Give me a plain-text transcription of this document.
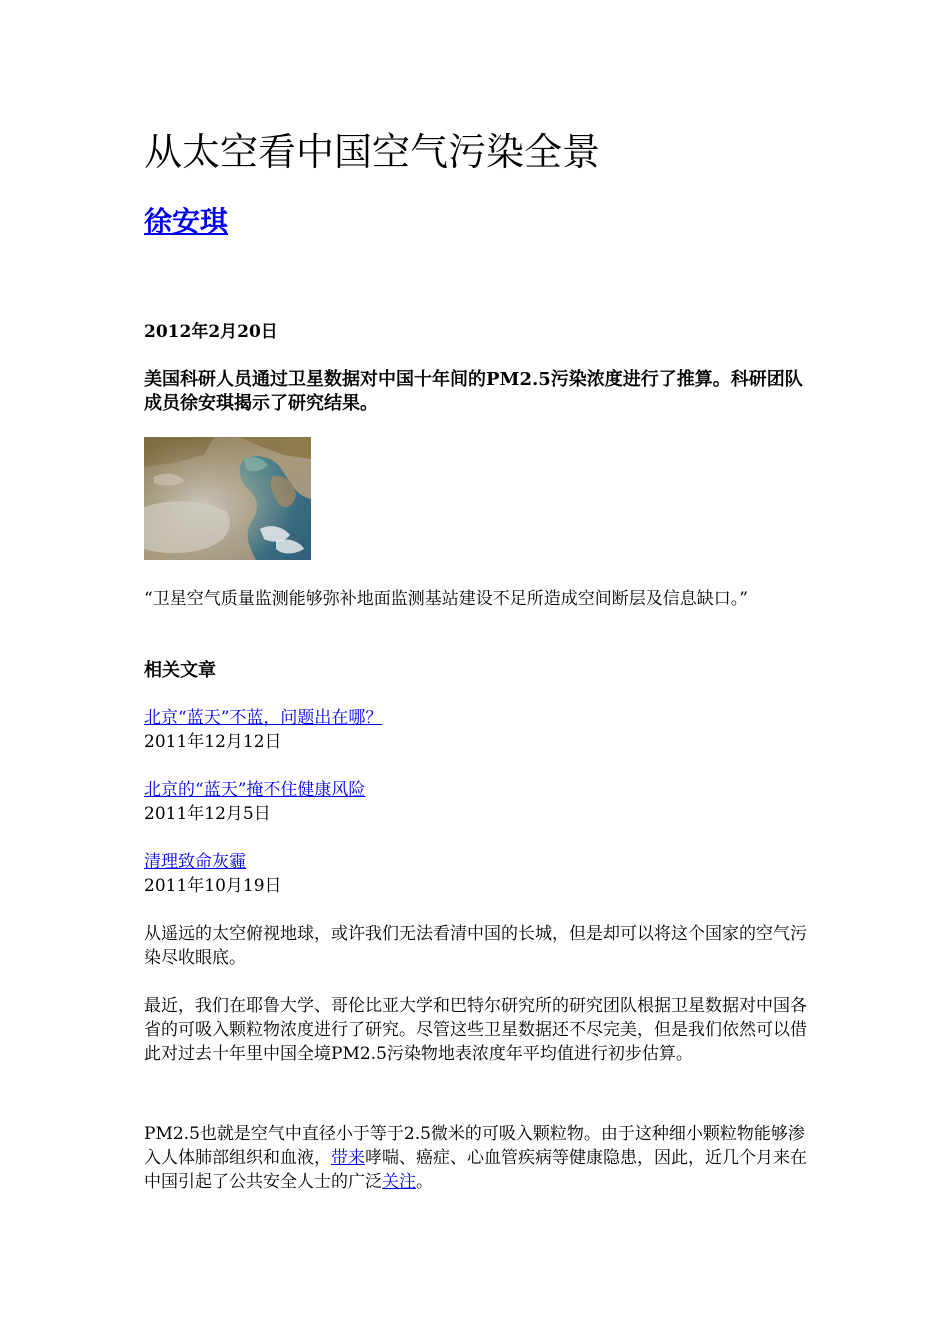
从太空看中国空气污染全景
徐安琪

2012年2月20日

美国科研人员通过卫星数据对中国十年间的PM2.5污染浓度进行了推算。科研团队成员徐安琪揭示了研究结果。

“卫星空气质量监测能够弥补地面监测基站建设不足所造成空间断层及信息缺口。”

相关文章
北京“蓝天”不蓝，问题出在哪？
2011年12月12日
北京的“蓝天”掩不住健康风险
2011年12月5日
清理致命灰霾
2011年10月19日

从遥远的太空俯视地球，或许我们无法看清中国的长城，但是却可以将这个国家的空气污染尽收眼底。

最近，我们在耶鲁大学、哥伦比亚大学和巴特尔研究所的研究团队根据卫星数据对中国各省的可吸入颗粒物浓度进行了研究。尽管这些卫星数据还不尽完美，但是我们依然可以借此对过去十年里中国全境PM2.5污染物地表浓度年平均值进行初步估算。

PM2.5也就是空气中直径小于等于2.5微米的可吸入颗粒物。由于这种细小颗粒物能够渗入人体肺部组织和血液，带来哮喘、癌症、心血管疾病等健康隐患，因此，近几个月来在中国引起了公共安全人士的广泛关注。
